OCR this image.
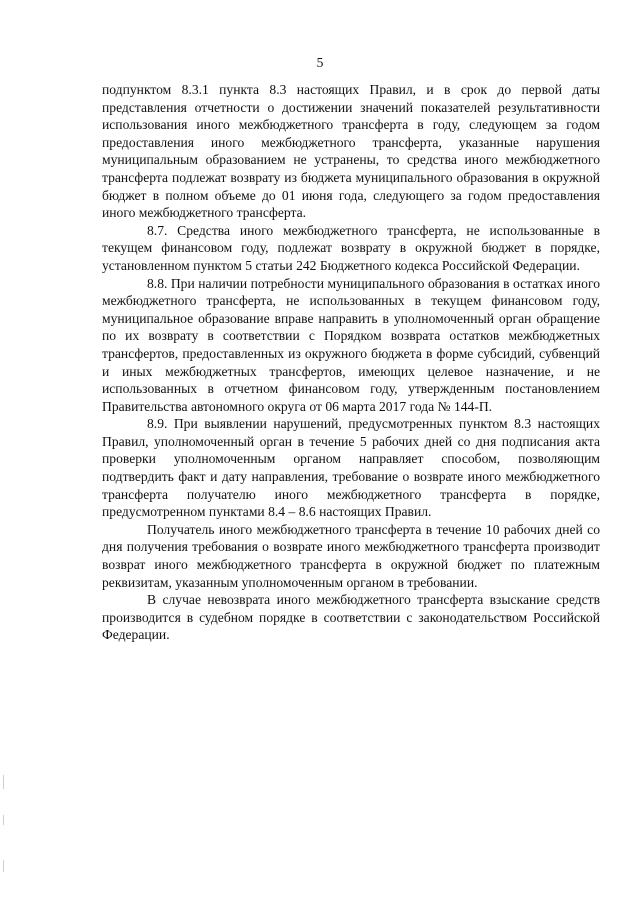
5

подпунктом 8.3.1 пункта 8.3 настоящих Правил, и в срок до первой даты представления отчетности о достижении значений показателей результативности использования иного межбюджетного трансферта в году, следующем за годом предоставления иного межбюджетного трансферта, указанные нарушения муниципальным образованием не устранены, то средства иного межбюджетного трансферта подлежат возврату из бюджета муниципального образования в окружной бюджет в полном объеме до 01 июня года, следующего за годом предоставления иного межбюджетного трансферта.

8.7. Средства иного межбюджетного трансферта, не использованные в текущем финансовом году, подлежат возврату в окружной бюджет в порядке, установленном пунктом 5 статьи 242 Бюджетного кодекса Российской Федерации.

8.8. При наличии потребности муниципального образования в остатках иного межбюджетного трансферта, не использованных в текущем финансовом году, муниципальное образование вправе направить в уполномоченный орган обращение по их возврату в соответствии с Порядком возврата остатков межбюджетных трансфертов, предоставленных из окружного бюджета в форме субсидий, субвенций и иных межбюджетных трансфертов, имеющих целевое назначение, и не использованных в отчетном финансовом году, утвержденным постановлением Правительства автономного округа от 06 марта 2017 года № 144-П.

8.9. При выявлении нарушений, предусмотренных пунктом 8.3 настоящих Правил, уполномоченный орган в течение 5 рабочих дней со дня подписания акта проверки уполномоченным органом направляет способом, позволяющим подтвердить факт и дату направления, требование о возврате иного межбюджетного трансферта получателю иного межбюджетного трансферта в порядке, предусмотренном пунктами 8.4 – 8.6 настоящих Правил.

Получатель иного межбюджетного трансферта в течение 10 рабочих дней со дня получения требования о возврате иного межбюджетного трансферта производит возврат иного межбюджетного трансферта в окружной бюджет по платежным реквизитам, указанным уполномоченным органом в требовании.

В случае невозврата иного межбюджетного трансферта взыскание средств производится в судебном порядке в соответствии с законодательством Российской Федерации.
